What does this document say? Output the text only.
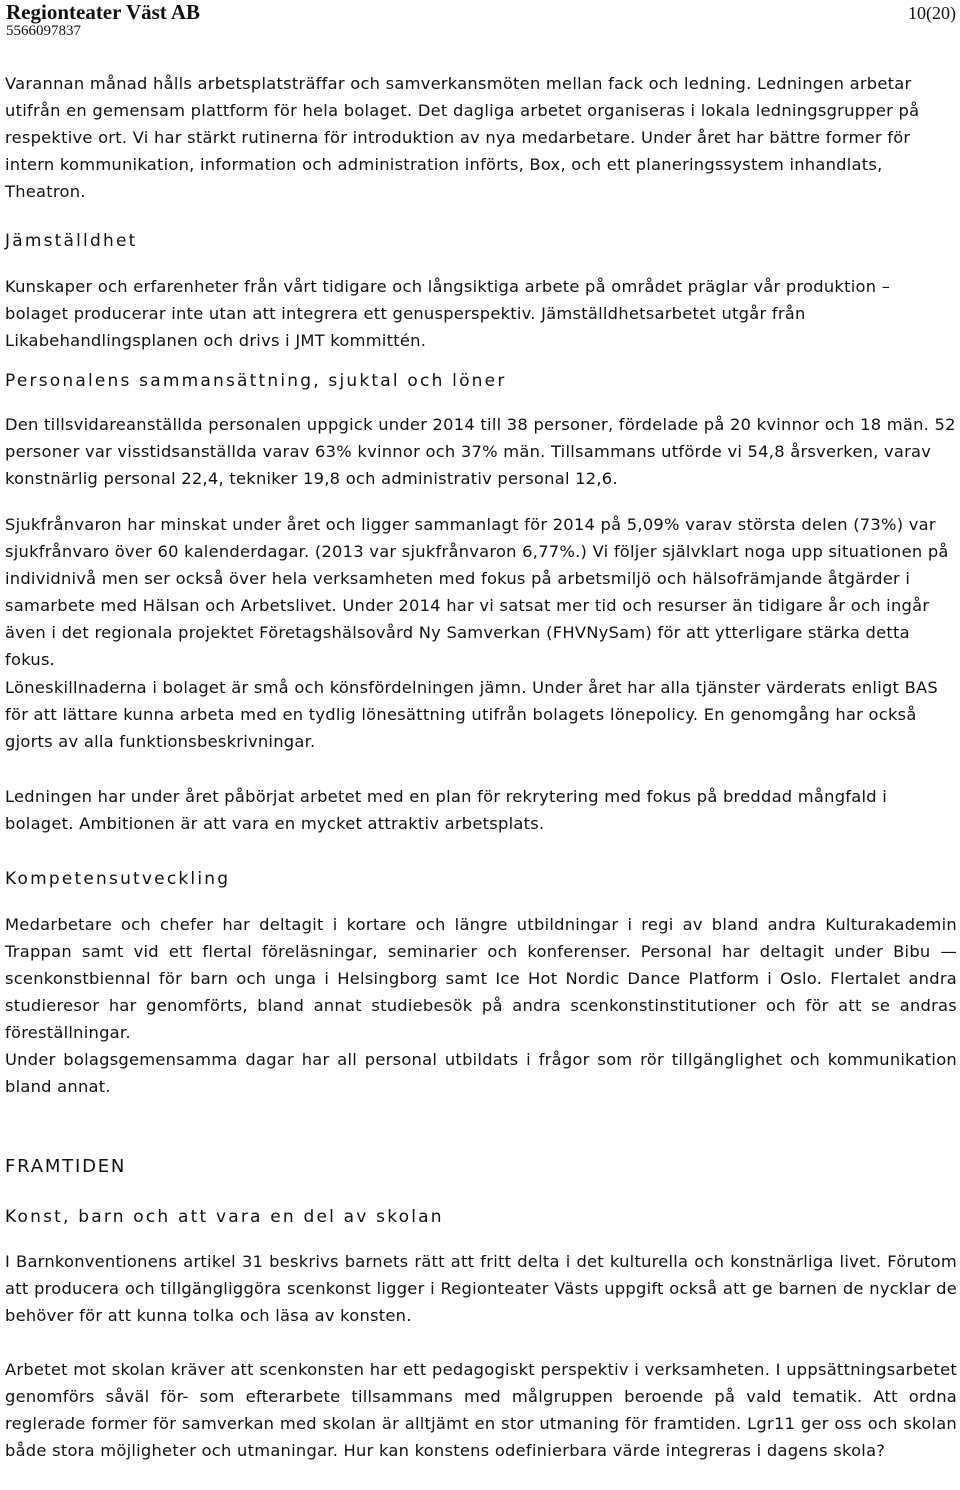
Regionteater Väst AB
5566097837
10(20)

Varannan månad hålls arbetsplatsträffar och samverkansmöten mellan fack och ledning. Ledningen arbetar utifrån en gemensam plattform för hela bolaget. Det dagliga arbetet organiseras i lokala ledningsgrupper på respektive ort. Vi har stärkt rutinerna för introduktion av nya medarbetare. Under året har bättre former för intern kommunikation, information och administration införts, Box, och ett planeringssystem inhandlats, Theatron.

Jämställdhet

Kunskaper och erfarenheter från vårt tidigare och långsiktiga arbete på området präglar vår produktion – bolaget producerar inte utan att integrera ett genusperspektiv. Jämställdhetsarbetet utgår från Likabehandlingsplanen och drivs i JMT kommittén.

Personalens sammansättning, sjuktal och löner

Den tillsvidareanställda personalen uppgick under 2014 till 38 personer, fördelade på 20 kvinnor och 18 män. 52 personer var visstidsanställda varav 63% kvinnor och 37% män. Tillsammans utförde vi 54,8 årsverken, varav konstnärlig personal 22,4, tekniker 19,8 och administrativ personal 12,6.

Sjukfrånvaron har minskat under året och ligger sammanlagt för 2014 på 5,09% varav största delen (73%) var sjukfrånvaro över 60 kalenderdagar. (2013 var sjukfrånvaron 6,77%.) Vi följer självklart noga upp situationen på individnivå men ser också över hela verksamheten med fokus på arbetsmiljö och hälsofrämjande åtgärder i samarbete med Hälsan och Arbetslivet. Under 2014 har vi satsat mer tid och resurser än tidigare år och ingår även i det regionala projektet Företagshälsovård Ny Samverkan (FHVNySam) för att ytterligare stärka detta fokus.

Löneskillnaderna i bolaget är små och könsfördelningen jämn. Under året har alla tjänster värderats enligt BAS för att lättare kunna arbeta med en tydlig lönesättning utifrån bolagets lönepolicy. En genomgång har också gjorts av alla funktionsbeskrivningar.

Ledningen har under året påbörjat arbetet med en plan för rekrytering med fokus på breddad mångfald i bolaget. Ambitionen är att vara en mycket attraktiv arbetsplats.

Kompetensutveckling

Medarbetare och chefer har deltagit i kortare och längre utbildningar i regi av bland andra Kulturakademin Trappan samt vid ett flertal föreläsningar, seminarier och konferenser. Personal har deltagit under Bibu — scenkonstbiennal för barn och unga i Helsingborg samt Ice Hot Nordic Dance Platform i Oslo. Flertalet andra studieresor har genomförts, bland annat studiebesök på andra scenkonstinstitutioner och för att se andras föreställningar.

Under bolagsgemensamma dagar har all personal utbildats i frågor som rör tillgänglighet och kommunikation bland annat.

FRAMTIDEN
Konst, barn och att vara en del av skolan

I Barnkonventionens artikel 31 beskrivs barnets rätt att fritt delta i det kulturella och konstnärliga livet. Förutom att producera och tillgängliggöra scenkonst ligger i Regionteater Västs uppgift också att ge barnen de nycklar de behöver för att kunna tolka och läsa av konsten.

Arbetet mot skolan kräver att scenkonsten har ett pedagogiskt perspektiv i verksamheten. I uppsättningsarbetet genomförs såväl för- som efterarbete tillsammans med målgruppen beroende på vald tematik. Att ordna reglerade former för samverkan med skolan är alltjämt en stor utmaning för framtiden. Lgr11 ger oss och skolan både stora möjligheter och utmaningar. Hur kan konstens odefinierbara värde integreras i dagens skola?
